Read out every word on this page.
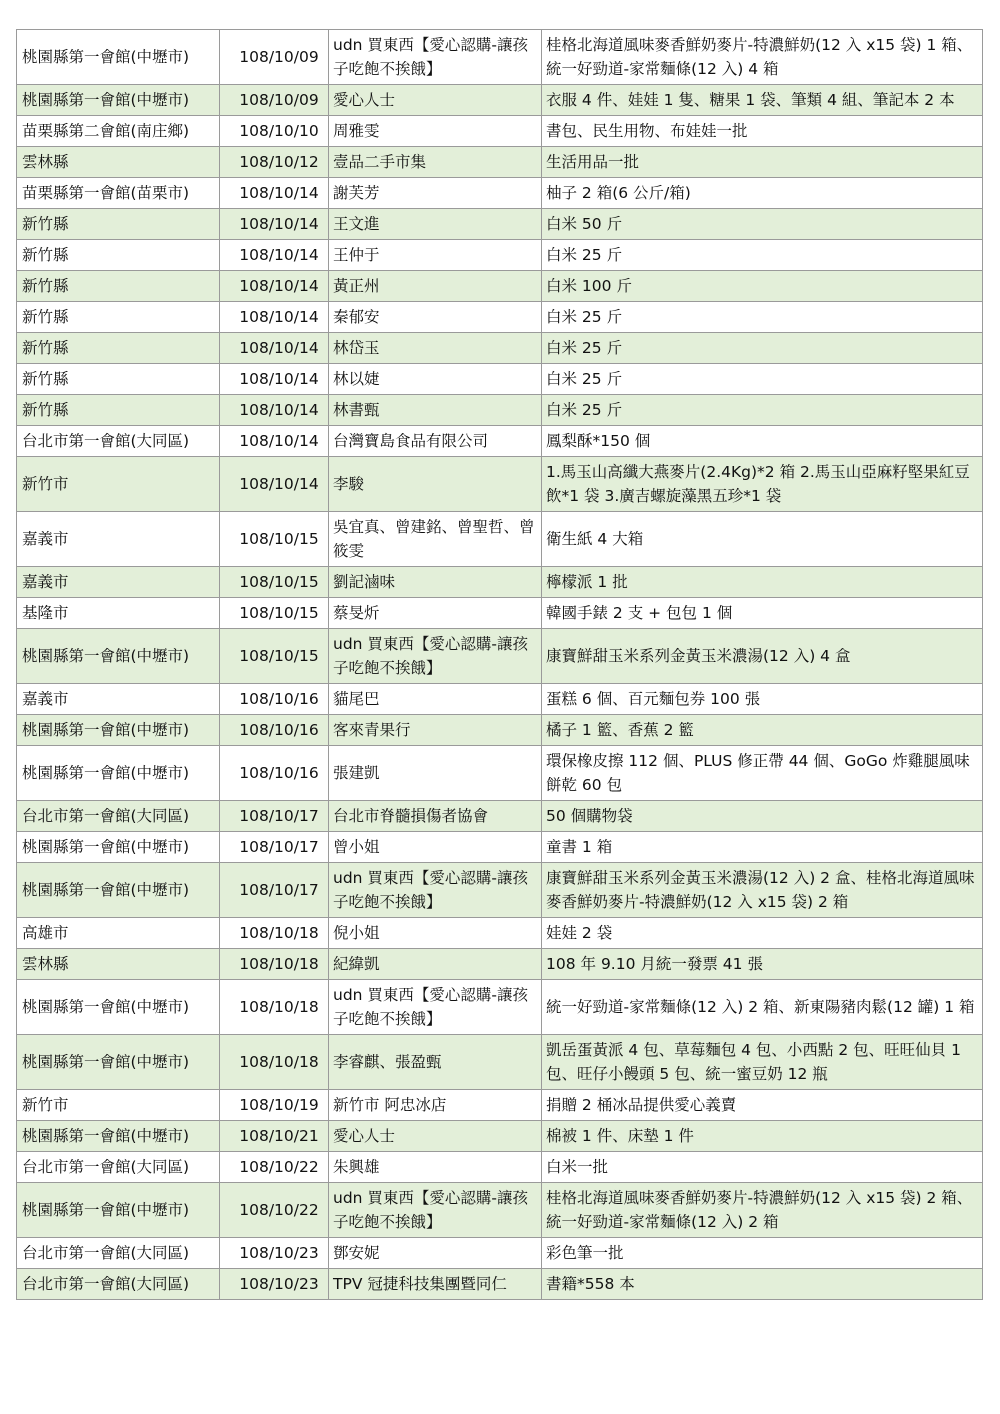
桃園縣第一會館(中壢市)	108/10/09	udn 買東西【愛心認購-讓孩子吃飽不挨餓】	桂格北海道風味麥香鮮奶麥片-特濃鮮奶(12 入 x15 袋) 1 箱、統一好勁道-家常麵條(12 入) 4 箱
桃園縣第一會館(中壢市)	108/10/09	愛心人士	衣服 4 件、娃娃 1 隻、糖果 1 袋、筆類 4 組、筆記本 2 本
苗栗縣第二會館(南庄鄉)	108/10/10	周雅雯	書包、民生用物、布娃娃一批
雲林縣	108/10/12	壹品二手市集	生活用品一批
苗栗縣第一會館(苗栗市)	108/10/14	謝芙芳	柚子 2 箱(6 公斤/箱)
新竹縣	108/10/14	王文進	白米 50 斤
新竹縣	108/10/14	王仲于	白米 25 斤
新竹縣	108/10/14	黃正州	白米 100 斤
新竹縣	108/10/14	秦郁安	白米 25 斤
新竹縣	108/10/14	林岱玉	白米 25 斤
新竹縣	108/10/14	林以婕	白米 25 斤
新竹縣	108/10/14	林書甄	白米 25 斤
台北市第一會館(大同區)	108/10/14	台灣寶島食品有限公司	鳳梨酥*150 個
新竹市	108/10/14	李駿	1.馬玉山高纖大燕麥片(2.4Kg)*2 箱 2.馬玉山亞麻籽堅果紅豆飲*1 袋 3.廣吉螺旋藻黑五珍*1 袋
嘉義市	108/10/15	吳宜真、曾建銘、曾聖哲、曾筱雯	衛生紙 4 大箱
嘉義市	108/10/15	劉記滷味	檸檬派 1 批
基隆市	108/10/15	蔡旻炘	韓國手錶 2 支 + 包包 1 個
桃園縣第一會館(中壢市)	108/10/15	udn 買東西【愛心認購-讓孩子吃飽不挨餓】	康寶鮮甜玉米系列金黃玉米濃湯(12 入) 4 盒
嘉義市	108/10/16	貓尾巴	蛋糕 6 個、百元麵包券 100 張
桃園縣第一會館(中壢市)	108/10/16	客來青果行	橘子 1 籃、香蕉 2 籃
桃園縣第一會館(中壢市)	108/10/16	張建凱	環保橡皮擦 112 個、PLUS 修正帶 44 個、GoGo 炸雞腿風味餅乾 60 包
台北市第一會館(大同區)	108/10/17	台北市脊髓損傷者協會	50 個購物袋
桃園縣第一會館(中壢市)	108/10/17	曾小姐	童書 1 箱
桃園縣第一會館(中壢市)	108/10/17	udn 買東西【愛心認購-讓孩子吃飽不挨餓】	康寶鮮甜玉米系列金黃玉米濃湯(12 入) 2 盒、桂格北海道風味麥香鮮奶麥片-特濃鮮奶(12 入 x15 袋) 2 箱
高雄市	108/10/18	倪小姐	娃娃 2 袋
雲林縣	108/10/18	紀緯凱	108 年 9.10 月統一發票 41 張
桃園縣第一會館(中壢市)	108/10/18	udn 買東西【愛心認購-讓孩子吃飽不挨餓】	統一好勁道-家常麵條(12 入) 2 箱、新東陽豬肉鬆(12 罐) 1 箱
桃園縣第一會館(中壢市)	108/10/18	李睿麒、張盈甄	凱岳蛋黃派 4 包、草莓麵包 4 包、小西點 2 包、旺旺仙貝 1 包、旺仔小饅頭 5 包、統一蜜豆奶 12 瓶
新竹市	108/10/19	新竹市 阿忠冰店	捐贈 2 桶冰品提供愛心義賣
桃園縣第一會館(中壢市)	108/10/21	愛心人士	棉被 1 件、床墊 1 件
台北市第一會館(大同區)	108/10/22	朱興雄	白米一批
桃園縣第一會館(中壢市)	108/10/22	udn 買東西【愛心認購-讓孩子吃飽不挨餓】	桂格北海道風味麥香鮮奶麥片-特濃鮮奶(12 入 x15 袋) 2 箱、統一好勁道-家常麵條(12 入) 2 箱
台北市第一會館(大同區)	108/10/23	鄧安妮	彩色筆一批
台北市第一會館(大同區)	108/10/23	TPV 冠捷科技集團暨同仁	書籍*558 本
